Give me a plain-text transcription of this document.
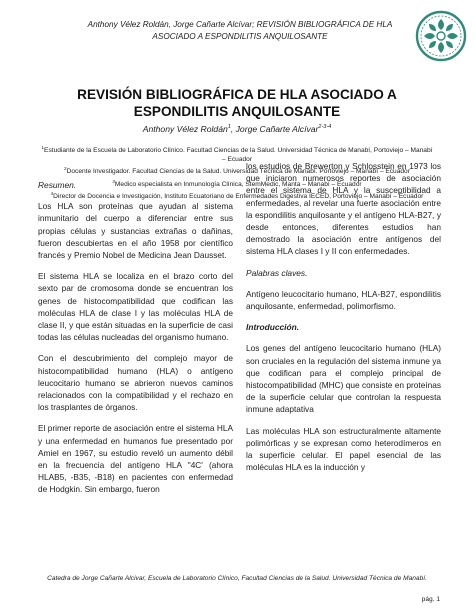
Anthony Vélez Roldán, Jorge Cañarte Alcívar; REVISIÓN BIBLIOGRÁFICA DE HLA ASOCIADO A ESPONDILITIS ANQUILOSANTE
REVISIÓN BIBLIOGRÁFICA DE HLA ASOCIADO A
ESPONDILITIS ANQUILOSANTE
Anthony Vélez Roldán$^1$, Jorge Cañarte Alcívar$^{2-3-4}$
$^1$Estudiante de la Escuela de Laboratorio Clínico. Facultad Ciencias de la Salud. Universidad Técnica de Manabí, Portoviejo – Manabí – Ecuador
$^2$Docente Investigador. Facultad Ciencias de la Salud. Universidad Técnica de Manabí. Portoviejo – Manabí – Ecuador
$^3$Medico especialista en Inmunología Clínica, StemMedic, Manta – Manabí – Ecuador
$^4$Director de Docencia e Investigación, Instituto Ecuatoriano de Enfermedades Digestiva IECED, Portoviejo – Manabí – Ecuador

Resumen.

Los HLA son proteínas que ayudan al sistema inmunitario del cuerpo a diferenciar entre sus propias células y sustancias extrañas o dañinas, fueron descubiertas en el año 1958 por científico francés y Premio Nobel de Medicina Jean Dausset.

El sistema HLA se localiza en el brazo corto del sexto par de cromosoma donde se encuentran los genes de histocompatibilidad que codifican las moléculas HLA de clase I y las moléculas HLA de clase II, y que están situadas en la superficie de casi todas las células nucleadas del organismo humano.

Con el descubrimiento del complejo mayor de histocompatibilidad humano (HLA) o antígeno leucocitario humano se abrieron nuevos caminos relacionados con la compatibilidad y el rechazo en los trasplantes de órganos.

El primer reporte de asociación entre el sistema HLA y una enfermedad en humanos fue presentado por Amiel en 1967, su estudio reveló un aumento débil en la frecuencia del antígeno HLA "4C' (ahora HLAB5, -B35, -B18) en pacientes con enfermedad de Hodgkin. Sin embargo, fueron

los estudios de Brewerton y Schlosstein en 1973 los que iniciaron numerosos reportes de asociación entre el sistema de HLA y la susceptibilidad a enfermedades, al revelar una fuerte asociación entre la espondilitis anquilosante y el antígeno HLA-B27, y desde entonces, diferentes estudios han demostrado la asociación entre antígenos del sistema HLA clases I y II con enfermedades.

Palabras claves.

Antígeno leucocitario humano, HLA-B27, espondilitis anquilosante, enfermedad, polimorfismo.

Introducción.

Los genes del antígeno leucocitario humano (HLA) son cruciales en la regulación del sistema inmune ya que codifican para el complejo principal de histocompatibilidad (MHC) que consiste en proteínas de la superficie celular que controlan la respuesta inmune adaptativa

Las moléculas HLA son estructuralmente altamente polimórficas y se expresan como heterodímeros en la superficie celular. El papel esencial de las moléculas HLA es la inducción y

Catedra de Jorge Cañarte Alcivar, Escuela de Laboratorio Clínico, Facultad Ciencias de la Salud. Universidad Técnica de Manabí.
pág. 1
